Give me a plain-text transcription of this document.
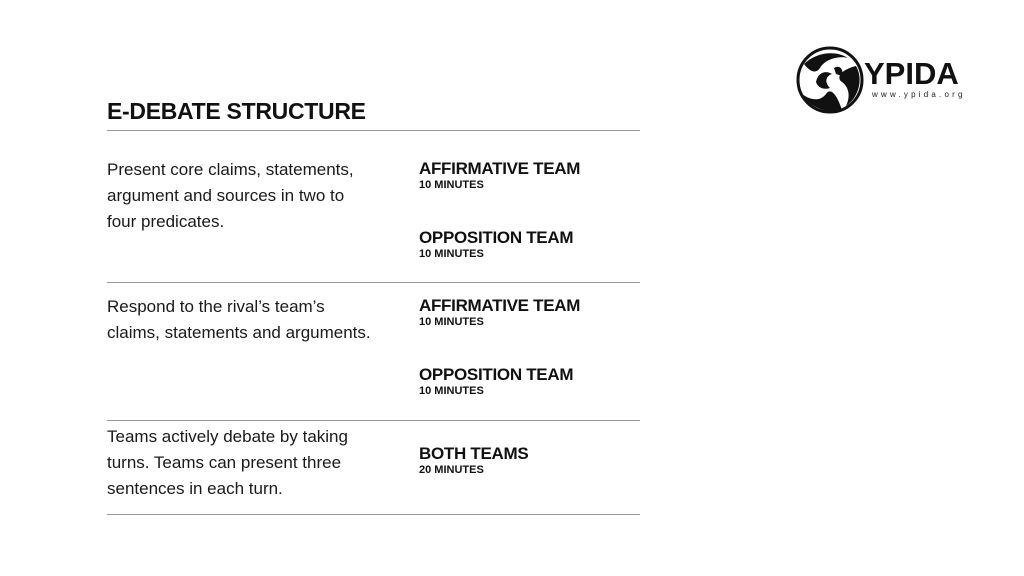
YPIDA
www.ypida.org
E-DEBATE STRUCTURE
Present core claims, statements, argument and sources in two to four predicates.
AFFIRMATIVE TEAM
10 MINUTES
OPPOSITION TEAM
10 MINUTES
Respond to the rival’s team’s claims, statements and arguments.
AFFIRMATIVE TEAM
10 MINUTES
OPPOSITION TEAM
10 MINUTES
Teams actively debate by taking turns. Teams can present three sentences in each turn.
BOTH TEAMS
20 MINUTES
